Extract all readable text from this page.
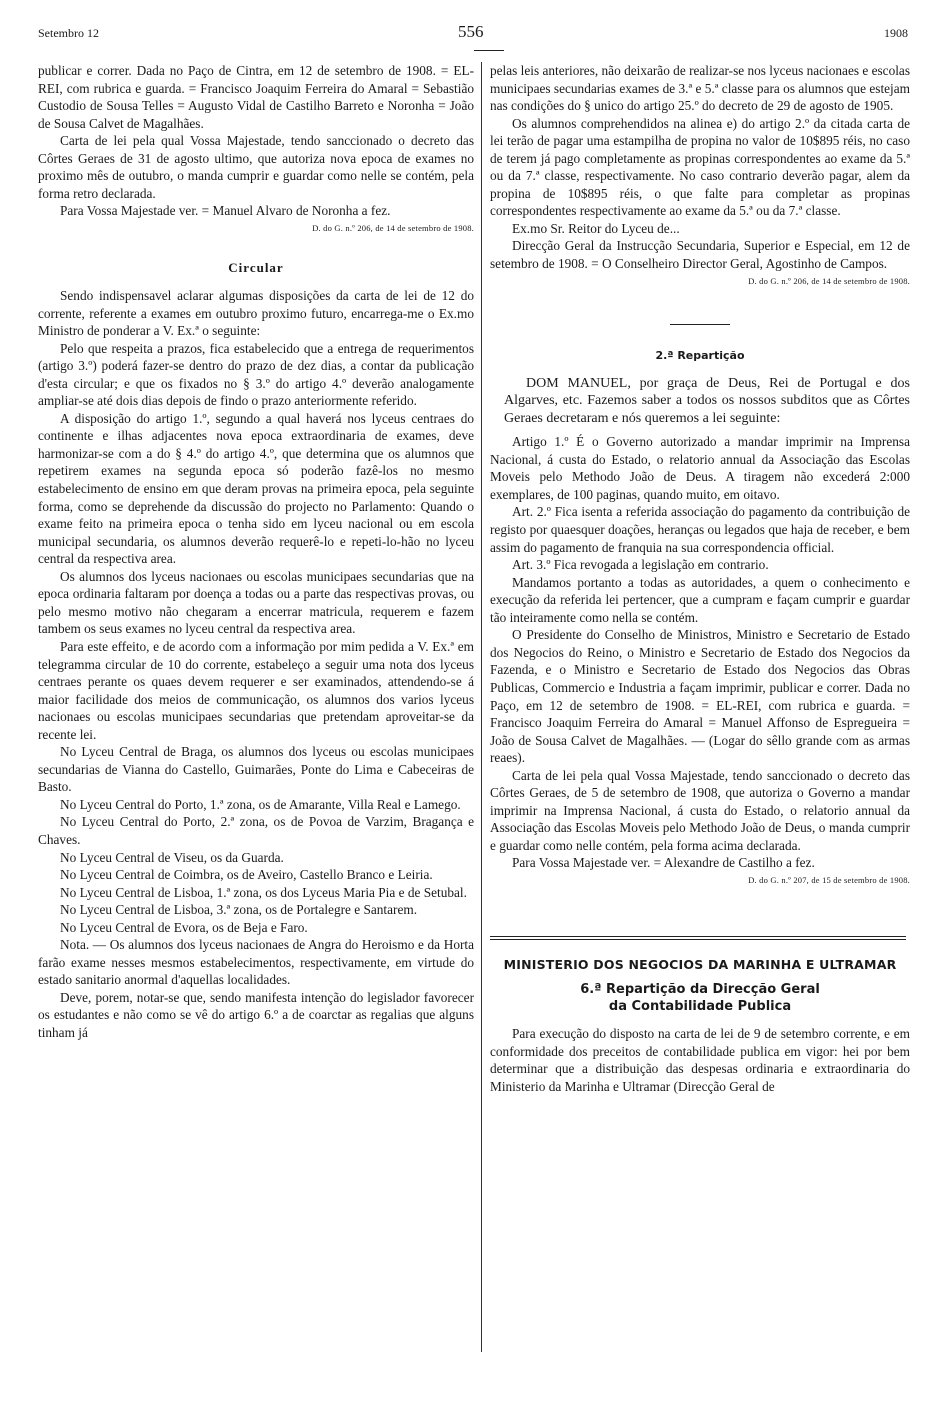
Setembro 12	556	1908

publicar e correr. Dada no Paço de Cintra, em 12 de setembro de 1908. = EL-REI, com rubrica e guarda. = Francisco Joaquim Ferreira do Amaral = Sebastião Custodio de Sousa Telles = Augusto Vidal de Castilho Barreto e Noronha = João de Sousa Calvet de Magalhães.

Carta de lei pela qual Vossa Majestade, tendo sanccionado o decreto das Côrtes Geraes de 31 de agosto ultimo, que autoriza nova epoca de exames no proximo mês de outubro, o manda cumprir e guardar como nelle se contém, pela forma retro declarada.

Para Vossa Majestade ver. = Manuel Alvaro de Noronha a fez.

D. do G. n.º 206, de 14 de setembro de 1908.

Circular

Sendo indispensavel aclarar algumas disposições da carta de lei de 12 do corrente, referente a exames em outubro proximo futuro, encarrega-me o Ex.mo Ministro de ponderar a V. Ex.ª o seguinte:

Pelo que respeita a prazos, fica estabelecido que a entrega de requerimentos (artigo 3.º) poderá fazer-se dentro do prazo de dez dias, a contar da publicação d'esta circular; e que os fixados no § 3.º do artigo 4.º deverão analogamente ampliar-se até dois dias depois de findo o prazo anteriormente referido.

A disposição do artigo 1.º, segundo a qual haverá nos lyceus centraes do continente e ilhas adjacentes nova epoca extraordinaria de exames, deve harmonizar-se com a do § 4.º do artigo 4.º, que determina que os alumnos que repetirem exames na segunda epoca só poderão fazê-los no mesmo estabelecimento de ensino em que deram provas na primeira epoca, pela seguinte forma, como se deprehende da discussão do projecto no Parlamento: Quando o exame feito na primeira epoca o tenha sido em lyceu nacional ou em escola municipal secundaria, os alumnos deverão requerê-lo e repeti-lo-hão no lyceu central da respectiva area.

Os alumnos dos lyceus nacionaes ou escolas municipaes secundarias que na epoca ordinaria faltaram por doença a todas ou a parte das respectivas provas, ou pelo mesmo motivo não chegaram a encerrar matricula, requerem e fazem tambem os seus exames no lyceu central da respectiva area.

Para este effeito, e de acordo com a informação por mim pedida a V. Ex.ª em telegramma circular de 10 do corrente, estabeleço a seguir uma nota dos lyceus centraes perante os quaes devem requerer e ser examinados, attendendo-se á maior facilidade dos meios de communicação, os alumnos dos varios lyceus nacionaes ou escolas municipaes secundarias que pretendam aproveitar-se da recente lei.

No Lyceu Central de Braga, os alumnos dos lyceus ou escolas municipaes secundarias de Vianna do Castello, Guimarães, Ponte do Lima e Cabeceiras de Basto.

No Lyceu Central do Porto, 1.ª zona, os de Amarante, Villa Real e Lamego.

No Lyceu Central do Porto, 2.ª zona, os de Povoa de Varzim, Bragança e Chaves.

No Lyceu Central de Viseu, os da Guarda.

No Lyceu Central de Coimbra, os de Aveiro, Castello Branco e Leiria.

No Lyceu Central de Lisboa, 1.ª zona, os dos Lyceus Maria Pia e de Setubal.

No Lyceu Central de Lisboa, 3.ª zona, os de Portalegre e Santarem.

No Lyceu Central de Evora, os de Beja e Faro.

Nota. — Os alumnos dos lyceus nacionaes de Angra do Heroismo e da Horta farão exame nesses mesmos estabelecimentos, respectivamente, em virtude do estado sanitario anormal d'aquellas localidades.

Deve, porem, notar-se que, sendo manifesta intenção do legislador favorecer os estudantes e não como se vê do artigo 6.º a de coarctar as regalias que alguns tinham já

pelas leis anteriores, não deixarão de realizar-se nos lyceus nacionaes e escolas municipaes secundarias exames de 3.ª e 5.ª classe para os alumnos que estejam nas condições do § unico do artigo 25.º do decreto de 29 de agosto de 1905.

Os alumnos comprehendidos na alinea e) do artigo 2.º da citada carta de lei terão de pagar uma estampilha de propina no valor de 10$895 réis, no caso de terem já pago completamente as propinas correspondentes ao exame da 5.ª ou da 7.ª classe, respectivamente. No caso contrario deverão pagar, alem da propina de 10$895 réis, o que falte para completar as propinas correspondentes respectivamente ao exame da 5.ª ou da 7.ª classe.

Ex.mo Sr. Reitor do Lyceu de...

Direcção Geral da Instrucção Secundaria, Superior e Especial, em 12 de setembro de 1908. = O Conselheiro Director Geral, Agostinho de Campos.

D. do G. n.º 206, de 14 de setembro de 1908.

2.ª Repartição

DOM MANUEL, por graça de Deus, Rei de Portugal e dos Algarves, etc. Fazemos saber a todos os nossos subditos que as Côrtes Geraes decretaram e nós queremos a lei seguinte:

Artigo 1.º É o Governo autorizado a mandar imprimir na Imprensa Nacional, á custa do Estado, o relatorio annual da Associação das Escolas Moveis pelo Methodo João de Deus. A tiragem não excederá 2:000 exemplares, de 100 paginas, quando muito, em oitavo.

Art. 2.º Fica isenta a referida associação do pagamento da contribuição de registo por quaesquer doações, heranças ou legados que haja de receber, e bem assim do pagamento de franquia na sua correspondencia official.

Art. 3.º Fica revogada a legislação em contrario.

Mandamos portanto a todas as autoridades, a quem o conhecimento e execução da referida lei pertencer, que a cumpram e façam cumprir e guardar tão inteiramente como nella se contém.

O Presidente do Conselho de Ministros, Ministro e Secretario de Estado dos Negocios do Reino, o Ministro e Secretario de Estado dos Negocios da Fazenda, e o Ministro e Secretario de Estado dos Negocios das Obras Publicas, Commercio e Industria a façam imprimir, publicar e correr. Dada no Paço, em 12 de setembro de 1908. = EL-REI, com rubrica e guarda. = Francisco Joaquim Ferreira do Amaral = Manuel Affonso de Espregueira = João de Sousa Calvet de Magalhães. — (Logar do sêllo grande com as armas reaes).

Carta de lei pela qual Vossa Majestade, tendo sanccionado o decreto das Côrtes Geraes, de 5 de setembro de 1908, que autoriza o Governo a mandar imprimir na Imprensa Nacional, á custa do Estado, o relatorio annual da Associação das Escolas Moveis pelo Methodo João de Deus, o manda cumprir e guardar como nelle contém, pela forma acima declarada.

Para Vossa Majestade ver. = Alexandre de Castilho a fez.

D. do G. n.º 207, de 15 de setembro de 1908.

MINISTERIO DOS NEGOCIOS DA MARINHA E ULTRAMAR
6.ª Repartição da Direcção Geral
da Contabilidade Publica

Para execução do disposto na carta de lei de 9 de setembro corrente, e em conformidade dos preceitos de contabilidade publica em vigor: hei por bem determinar que a distribuição das despesas ordinaria e extraordinaria do Ministerio da Marinha e Ultramar (Direcção Geral de
